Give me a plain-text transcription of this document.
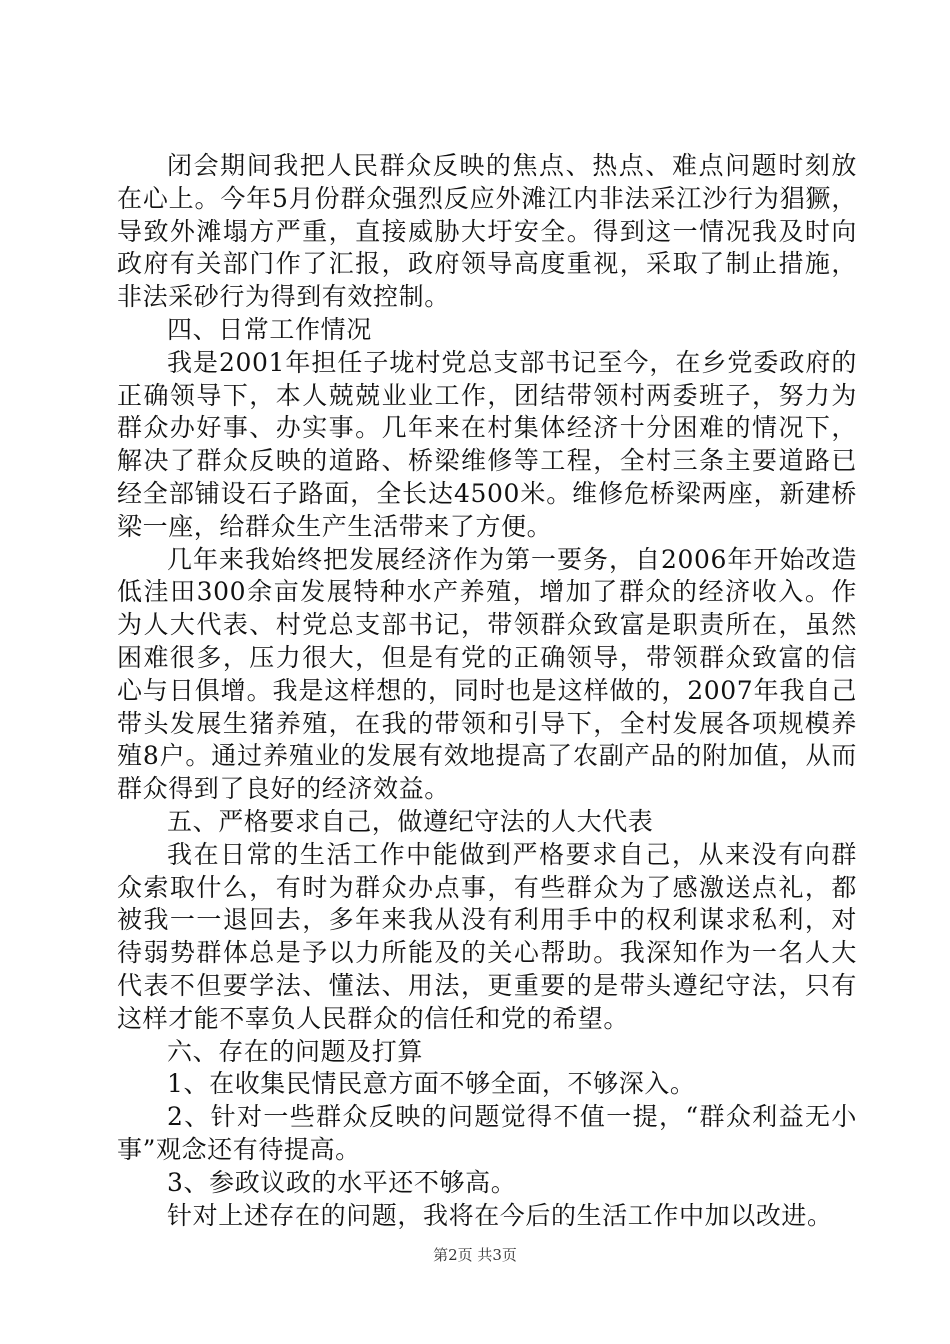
闭会期间我把人民群众反映的焦点、热点、难点问题时刻放在心上。今年5月份群众强烈反应外滩江内非法采江沙行为猖獗，导致外滩塌方严重，直接威胁大圩安全。得到这一情况我及时向政府有关部门作了汇报，政府领导高度重视，采取了制止措施，非法采砂行为得到有效控制。

四、日常工作情况

我是2001年担任子垅村党总支部书记至今，在乡党委政府的正确领导下，本人兢兢业业工作，团结带领村两委班子，努力为群众办好事、办实事。几年来在村集体经济十分困难的情况下，解决了群众反映的道路、桥梁维修等工程，全村三条主要道路已经全部铺设石子路面，全长达4500米。维修危桥梁两座，新建桥梁一座，给群众生产生活带来了方便。

几年来我始终把发展经济作为第一要务，自2006年开始改造低洼田300余亩发展特种水产养殖，增加了群众的经济收入。作为人大代表、村党总支部书记，带领群众致富是职责所在，虽然困难很多，压力很大，但是有党的正确领导，带领群众致富的信心与日俱增。我是这样想的，同时也是这样做的，2007年我自己带头发展生猪养殖，在我的带领和引导下，全村发展各项规模养殖8户。通过养殖业的发展有效地提高了农副产品的附加值，从而群众得到了良好的经济效益。

五、严格要求自己，做遵纪守法的人大代表

我在日常的生活工作中能做到严格要求自己，从来没有向群众索取什么，有时为群众办点事，有些群众为了感激送点礼，都被我一一退回去，多年来我从没有利用手中的权利谋求私利，对待弱势群体总是予以力所能及的关心帮助。我深知作为一名人大代表不但要学法、懂法、用法，更重要的是带头遵纪守法，只有这样才能不辜负人民群众的信任和党的希望。

六、存在的问题及打算

1、在收集民情民意方面不够全面，不够深入。

2、针对一些群众反映的问题觉得不值一提，“群众利益无小事”观念还有待提高。

3、参政议政的水平还不够高。

针对上述存在的问题，我将在今后的生活工作中加以改进。

第2页 共3页
